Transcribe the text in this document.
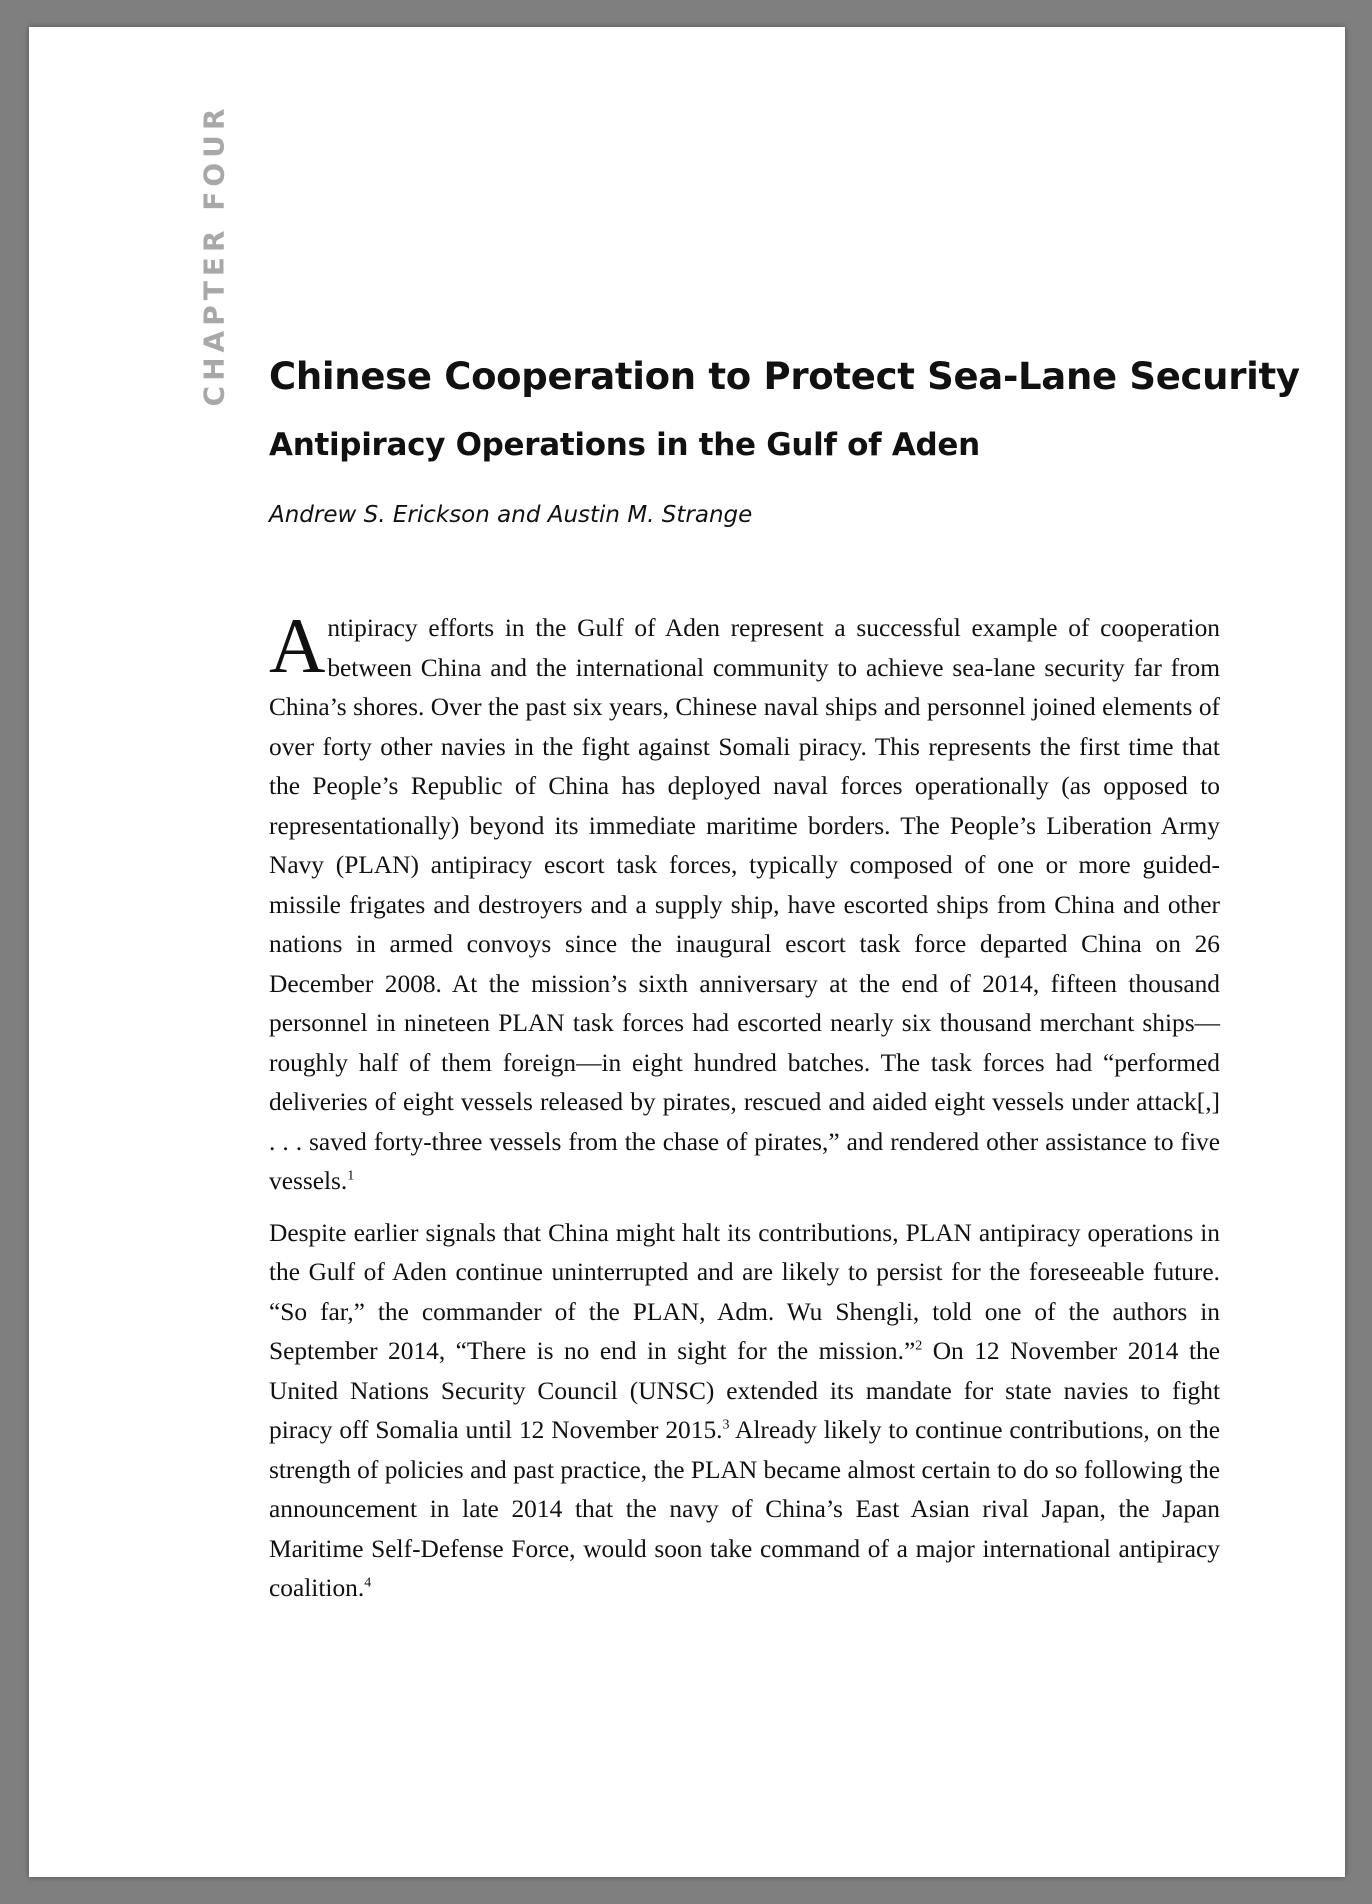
CHAPTER FOUR Chinese Cooperation to Protect Sea-Lane Security
Antipiracy Operations in the Gulf of Aden
Andrew S. Erickson and Austin M. Strange

Antipiracy efforts in the Gulf of Aden represent a successful example of cooperation between China and the international community to achieve sea-lane security far from China’s shores. Over the past six years, Chinese naval ships and personnel joined elements of over forty other navies in the fight against Somali piracy. This represents the first time that the People’s Republic of China has deployed naval forces operationally (as opposed to representationally) beyond its immediate maritime borders. The People’s Liberation Army Navy (PLAN) antipiracy escort task forces, typically composed of one or more guided-missile frigates and destroyers and a supply ship, have escorted ships from China and other nations in armed convoys since the inaugural escort task force departed China on 26 December 2008. At the mission’s sixth anniversary at the end of 2014, fifteen thousand personnel in nineteen PLAN task forces had escorted nearly six thousand merchant ships—roughly half of them foreign—in eight hundred batches. The task forces had “performed deliveries of eight vessels released by pirates, rescued and aided eight vessels under attack[,] . . . saved forty-three vessels from the chase of pirates,” and rendered other assistance to five vessels.$^1$

Despite earlier signals that China might halt its contributions, PLAN antipiracy operations in the Gulf of Aden continue uninterrupted and are likely to persist for the foreseeable future. “So far,” the commander of the PLAN, Adm. Wu Shengli, told one of the authors in September 2014, “There is no end in sight for the mission.”$^2$ On 12 November 2014 the United Nations Security Council (UNSC) extended its mandate for state navies to fight piracy off Somalia until 12 November 2015.$^3$ Already likely to continue contributions, on the strength of policies and past practice, the PLAN became almost certain to do so following the announcement in late 2014 that the navy of China’s East Asian rival Japan, the Japan Maritime Self-Defense Force, would soon take command of a major international antipiracy coalition.$^4$
